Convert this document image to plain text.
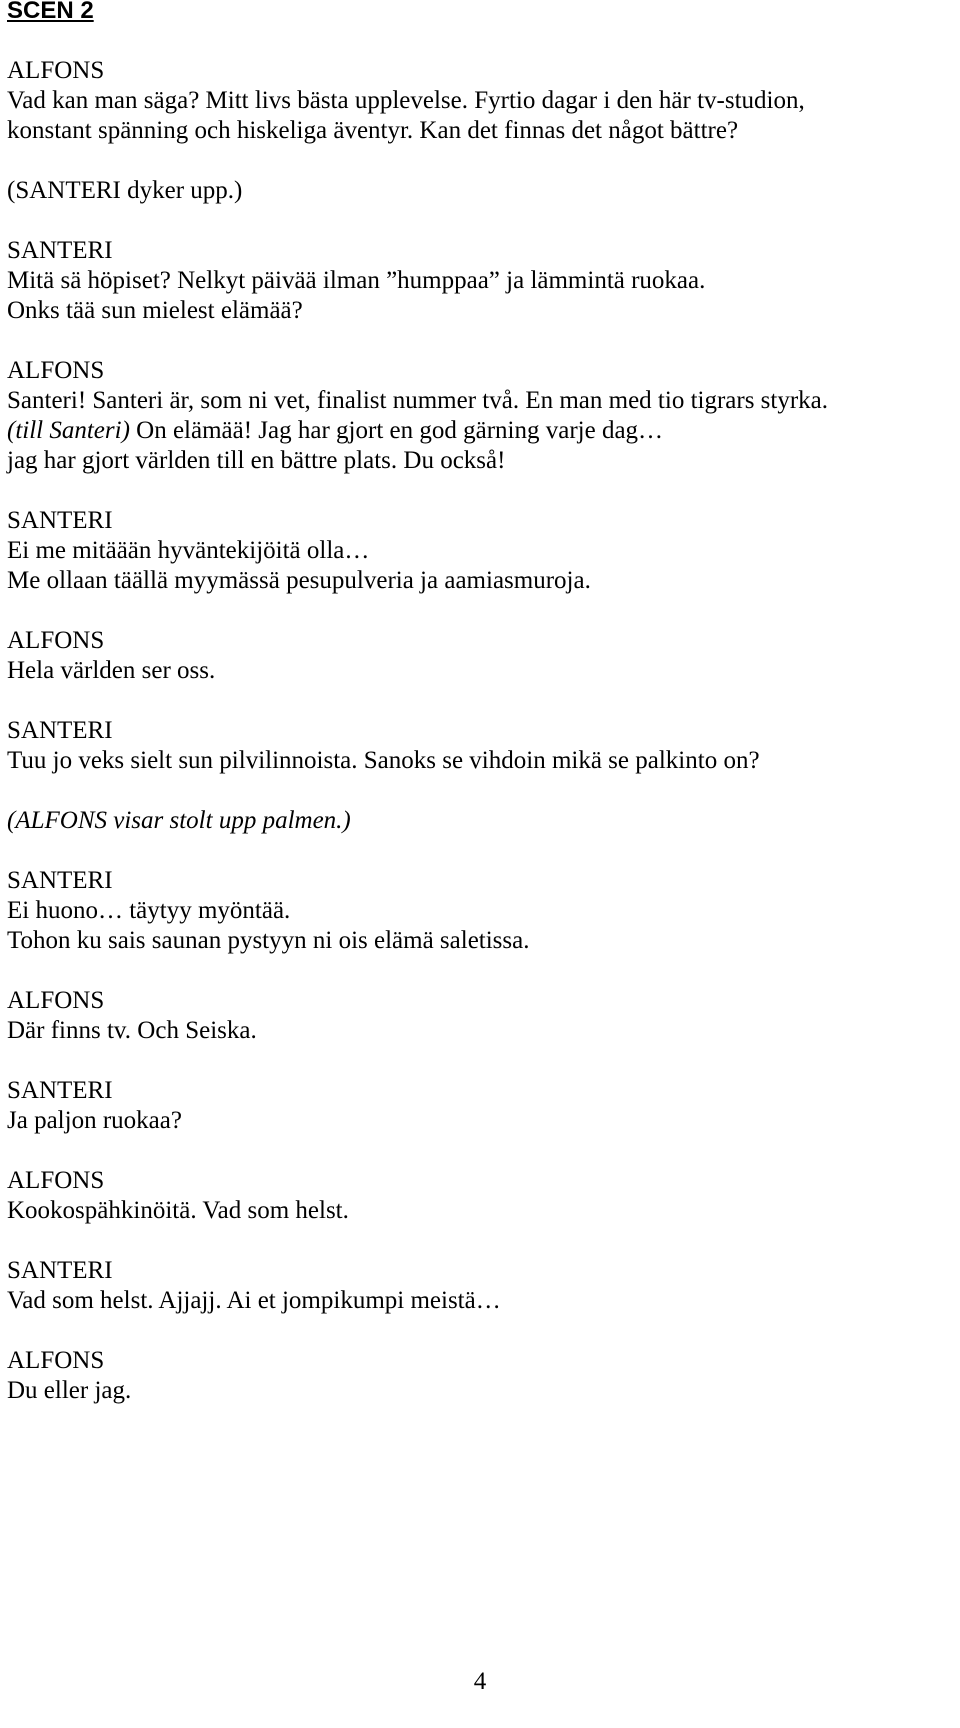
SCEN 2
ALFONS
Vad kan man säga? Mitt livs bästa upplevelse. Fyrtio dagar i den här tv-studion,
konstant spänning och hiskeliga äventyr. Kan det finnas det något bättre?
(SANTERI dyker upp.)
SANTERI
Mitä sä höpiset? Nelkyt päivää ilman ”humppaa” ja lämmintä ruokaa.
Onks tää sun mielest elämää?
ALFONS
Santeri! Santeri är, som ni vet, finalist nummer två. En man med tio tigrars styrka.
(till Santeri) On elämää! Jag har gjort en god gärning varje dag…
jag har gjort världen till en bättre plats. Du också!
SANTERI
Ei me mitäään hyväntekijöitä olla…
Me ollaan täällä myymässä pesupulveria ja aamiasmuroja.
ALFONS
Hela världen ser oss.
SANTERI
Tuu jo veks sielt sun pilvilinnoista. Sanoks se vihdoin mikä se palkinto on?
(ALFONS visar stolt upp palmen.)
SANTERI
Ei huono… täytyy myöntää.
Tohon ku sais saunan pystyyn ni ois elämä saletissa.
ALFONS
Där finns tv. Och Seiska.
SANTERI
Ja paljon ruokaa?
ALFONS
Kookospähkinöitä. Vad som helst.
SANTERI
Vad som helst. Ajjajj. Ai et jompikumpi meistä…
ALFONS
Du eller jag.
4
